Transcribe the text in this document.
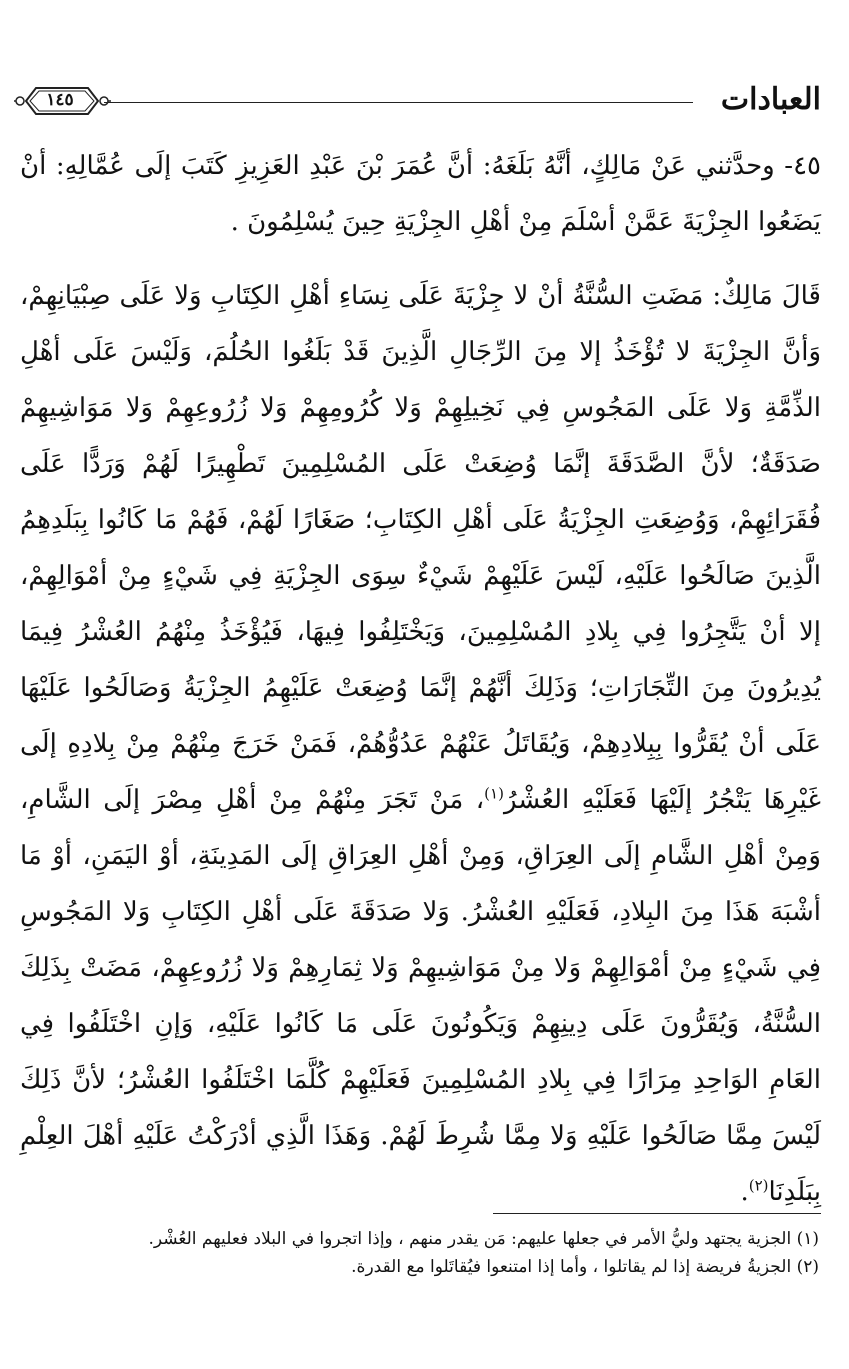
العبادات
١٤٥

٤٥- وحدَّثني عَنْ مَالِكٍ، أنَّهُ بَلَغَهُ: أنَّ عُمَرَ بْنَ عَبْدِ العَزِيزِ كَتَبَ إلَى عُمَّالِهِ: أنْ يَضَعُوا الجِزْيَةَ عَمَّنْ أسْلَمَ مِنْ أهْلِ الجِزْيَةِ حِينَ يُسْلِمُونَ .

قَالَ مَالِكٌ: مَضَتِ السُّنَّةُ أنْ لا جِزْيَةَ عَلَى نِسَاءِ أهْلِ الكِتَابِ وَلا عَلَى صِبْيَانِهِمْ، وَأنَّ الجِزْيَةَ لا تُؤْخَذُ إلا مِنَ الرِّجَالِ الَّذِينَ قَدْ بَلَغُوا الحُلُمَ، وَلَيْسَ عَلَى أهْلِ الذِّمَّةِ وَلا عَلَى المَجُوسِ فِي نَخِيلِهِمْ وَلا كُرُومِهِمْ وَلا زُرُوعِهِمْ وَلا مَوَاشِيهِمْ صَدَقَةٌ؛ لأنَّ الصَّدَقَةَ إنَّمَا وُضِعَتْ عَلَى المُسْلِمِينَ تَطْهِيرًا لَهُمْ وَرَدًّا عَلَى فُقَرَائِهِمْ، وَوُضِعَتِ الجِزْيَةُ عَلَى أهْلِ الكِتَابِ؛ صَغَارًا لَهُمْ، فَهُمْ مَا كَانُوا بِبَلَدِهِمُ الَّذِينَ صَالَحُوا عَلَيْهِ، لَيْسَ عَلَيْهِمْ شَيْءٌ سِوَى الجِزْيَةِ فِي شَيْءٍ مِنْ أمْوَالِهِمْ، إلا أنْ يَتَّجِرُوا فِي بِلادِ المُسْلِمِينَ، وَيَخْتَلِفُوا فِيهَا، فَيُؤْخَذُ مِنْهُمُ العُشْرُ فِيمَا يُدِيرُونَ مِنَ التِّجَارَاتِ؛ وَذَلِكَ أنَّهُمْ إنَّمَا وُضِعَتْ عَلَيْهِمُ الجِزْيَةُ وَصَالَحُوا عَلَيْهَا عَلَى أنْ يُقَرُّوا بِبِلادِهِمْ، وَيُقَاتَلُ عَنْهُمْ عَدُوُّهُمْ، فَمَنْ خَرَجَ مِنْهُمْ مِنْ بِلادِهِ إلَى غَيْرِهَا يَتْجُرُ إلَيْهَا فَعَلَيْهِ العُشْرُ$^{(١)}$، مَنْ تَجَرَ مِنْهُمْ مِنْ أهْلِ مِصْرَ إلَى الشَّامِ، وَمِنْ أهْلِ الشَّامِ إلَى العِرَاقِ، وَمِنْ أهْلِ العِرَاقِ إلَى المَدِينَةِ، أوْ اليَمَنِ، أوْ مَا أشْبَهَ هَذَا مِنَ البِلادِ، فَعَلَيْهِ العُشْرُ. وَلا صَدَقَةَ عَلَى أهْلِ الكِتَابِ وَلا المَجُوسِ فِي شَيْءٍ مِنْ أمْوَالِهِمْ وَلا مِنْ مَوَاشِيهِمْ وَلا ثِمَارِهِمْ وَلا زُرُوعِهِمْ، مَضَتْ بِذَلِكَ السُّنَّةُ، وَيُقَرُّونَ عَلَى دِينِهِمْ وَيَكُونُونَ عَلَى مَا كَانُوا عَلَيْهِ، وَإنِ اخْتَلَفُوا فِي العَامِ الوَاحِدِ مِرَارًا فِي بِلادِ المُسْلِمِينَ فَعَلَيْهِمْ كُلَّمَا اخْتَلَفُوا العُشْرُ؛ لأنَّ ذَلِكَ لَيْسَ مِمَّا صَالَحُوا عَلَيْهِ وَلا مِمَّا شُرِطَ لَهُمْ. وَهَذَا الَّذِي أدْرَكْتُ عَلَيْهِ أهْلَ العِلْمِ بِبَلَدِنَا$^{(٢)}$.

(١) الجزية يجتهد وليُّ الأمر في جعلها عليهم: مَن يقدر منهم ، وإذا اتجروا في البلاد فعليهم العُشْر.

(٢) الجزيةُ فريضة إذا لم يقاتلوا ، وأما إذا امتنعوا فيُقاتَلوا مع القدرة.
